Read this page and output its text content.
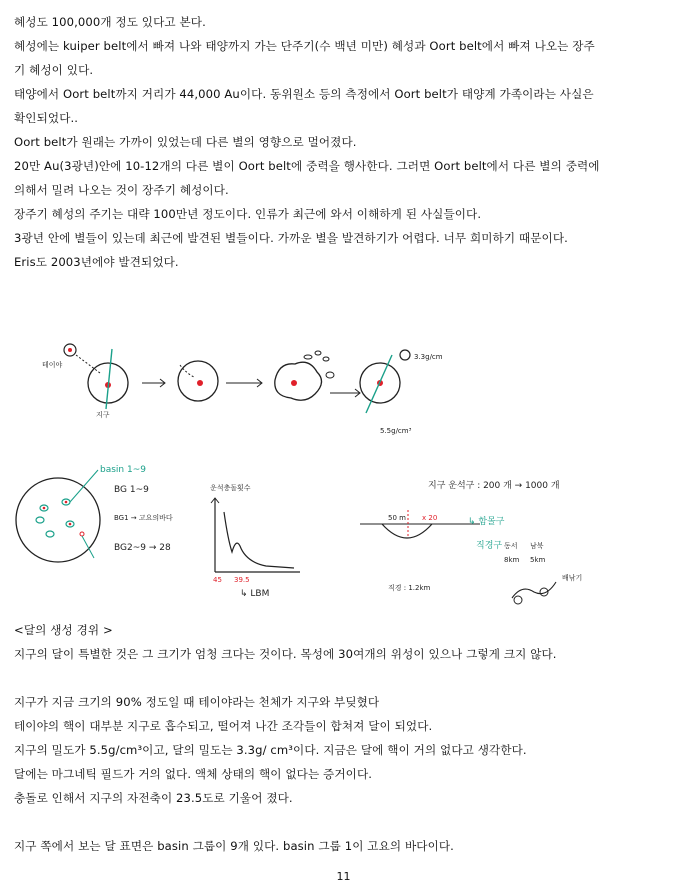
혜성도 100,000개 정도 있다고 본다.
혜성에는 kuiper belt에서 빠져 나와 태양까지 가는 단주기(수 백년 미만) 혜성과 Oort belt에서 빠져 나오는 장주
기 혜성이 있다.
태양에서 Oort belt까지 거리가 44,000 Au이다. 동위원소 등의 측정에서 Oort belt가 태양계 가족이라는 사실은
확인되었다..
Oort belt가 원래는 가까이 있었는데 다른 별의 영향으로 멀어졌다.
20만 Au(3광년)안에 10-12개의 다른 별이 Oort belt에 중력을 행사한다. 그러면 Oort belt에서 다른 별의 중력에
의해서 밀려 나오는 것이 장주기 혜성이다.
장주기 혜성의 주기는 대략 100만년 정도이다. 인류가 최근에 와서 이해하게 된 사실들이다.
3광년 안에 별들이 있는데 최근에 발견된 별들이다. 가까운 별을 발견하기가 어렵다. 너무 희미하기 때문이다.
Eris도 2003년에야 발견되었다.
테이야
지구
3.3g/cm
5.5g/cm³
basin 1~9
BG 1~9
BG1 → 고요의바다
BG2~9 → 28
운석충돌횟수
45 39.5
↳ LBM
지구 운석구 : 200 개 → 1000 개
50 m x 20
직경 : 1.2km
↳ 함몰구
직경구 동서 남북
8km 5km
배낚기
<달의 생성 경위 >
지구의 달이 특별한 것은 그 크기가 엄청 크다는 것이다. 목성에 30여개의 위성이 있으나 그렇게 크지 않다.
지구가 지금 크기의 90% 정도일 때 테이야라는 천체가 지구와 부딪혔다
테이야의 핵이 대부분 지구로 흡수되고, 떨어져 나간 조각들이 합쳐져 달이 되었다.
지구의 밀도가 5.5g/cm³이고, 달의 밀도는 3.3g/ cm³이다. 지금은 달에 핵이 거의 없다고 생각한다.
달에는 마그네틱 필드가 거의 없다. 액체 상태의 핵이 없다는 증거이다.
충돌로 인해서 지구의 자전축이 23.5도로 기울어 졌다.
지구 쪽에서 보는 달 표면은 basin 그룹이 9개 있다. basin 그룹 1이 고요의 바다이다.
11
